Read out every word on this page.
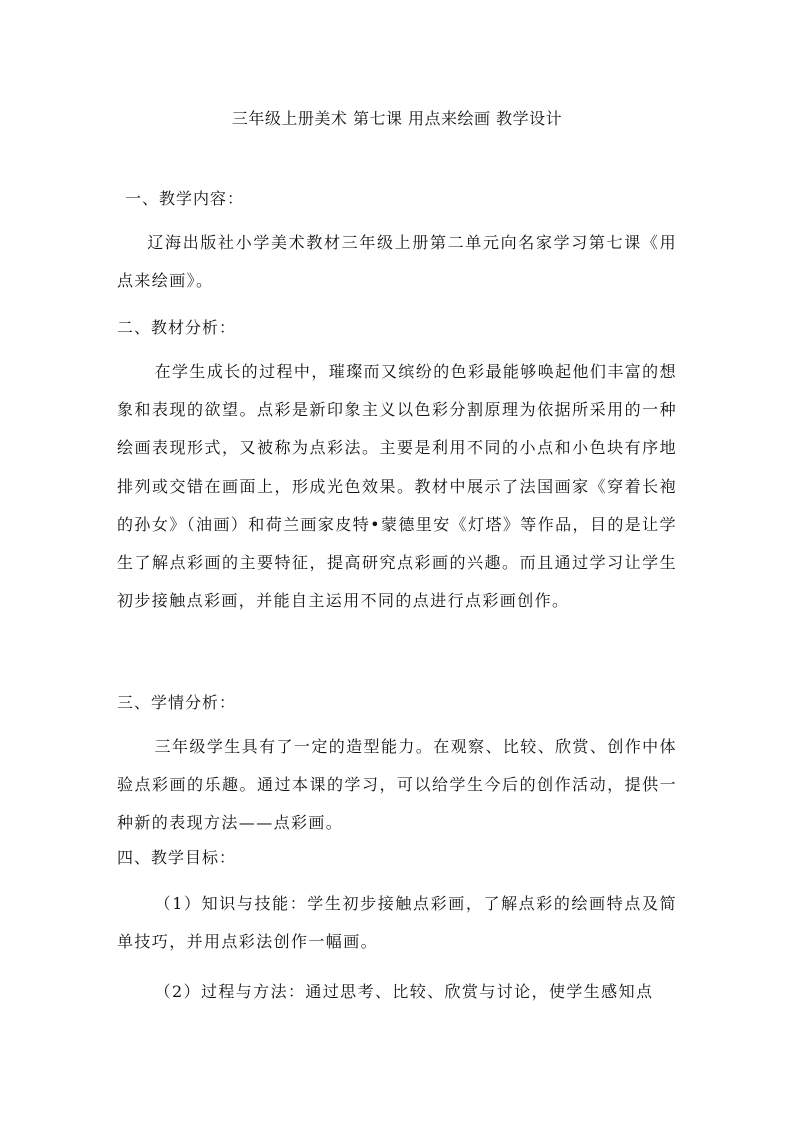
三年级上册美术 第七课 用点来绘画 教学设计
一、教学内容：
辽海出版社小学美术教材三年级上册第二单元向名家学习第七课《用点来绘画》。
二、教材分析：
在学生成长的过程中，璀璨而又缤纷的色彩最能够唤起他们丰富的想象和表现的欲望。点彩是新印象主义以色彩分割原理为依据所采用的一种绘画表现形式，又被称为点彩法。主要是利用不同的小点和小色块有序地排列或交错在画面上，形成光色效果。教材中展示了法国画家《穿着长袍的孙女》（油画）和荷兰画家皮特•蒙德里安《灯塔》等作品，目的是让学生了解点彩画的主要特征，提高研究点彩画的兴趣。而且通过学习让学生初步接触点彩画，并能自主运用不同的点进行点彩画创作。
三、学情分析：
三年级学生具有了一定的造型能力。在观察、比较、欣赏、创作中体验点彩画的乐趣。通过本课的学习，可以给学生今后的创作活动，提供一种新的表现方法——点彩画。
四、教学目标：
（1）知识与技能：学生初步接触点彩画，了解点彩的绘画特点及简单技巧，并用点彩法创作一幅画。
（2）过程与方法：通过思考、比较、欣赏与讨论，使学生感知点
